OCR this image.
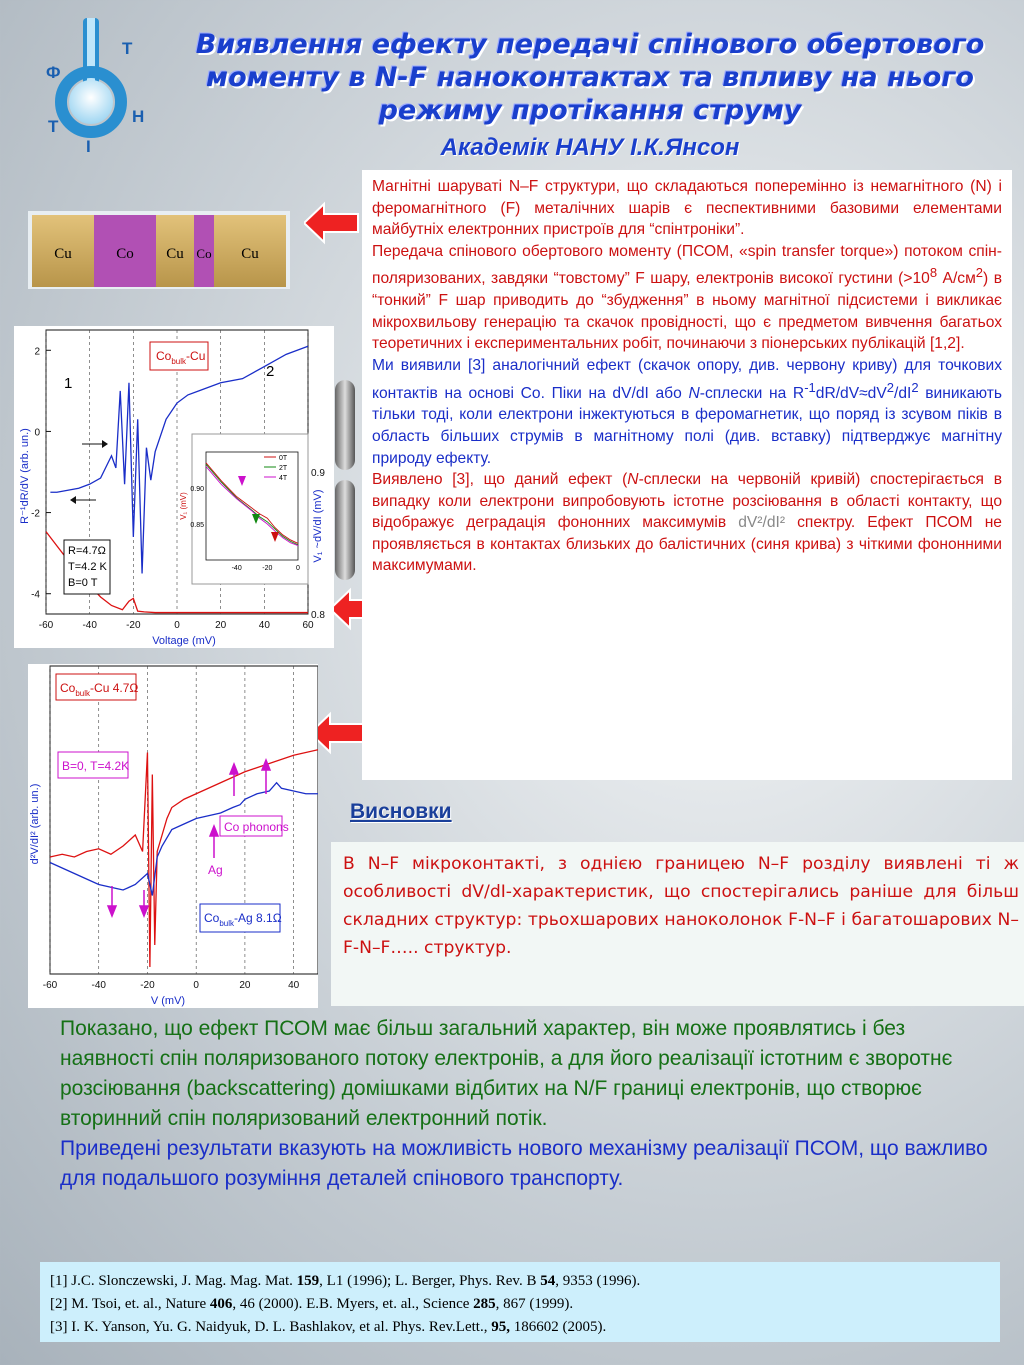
Ф
Т
І
Н
Т
Виявлення ефекту передачі спінового обертового
моменту в N-F наноконтактах та впливу на нього
режиму протікання струму
Академік НАНУ І.К.Янсон
Cu	Co Cu Co Cu
-60	-40	-20	0	20	40	60
2
0
-2
-4
0.9
0.8
Voltage (mV)
R⁻¹dR/dV (arb. un.)
V₁ ~dV/dI (mV)
$Co_{bulk}-Cu$
1
2
R=4.7Ω
T=4.2 K
B=0 T
-40	-20	0
0.90
0.85
V₁ (mV)
0T
2T
4T
-60	-40	-20	0	20	40
V (mV)
d²V/dI² (arb. un.)
$Co_{bulk}-Cu$ 4.7Ω
B=0, T=4.2K
$Co_{bulk}-Ag$ 8.1Ω
Co phonons
Ag

Магнітні шаруваті N–F структури, що складаються поперемінно із немагнітного (N) і феромагнітного (F) металічних шарів є песпективними базовими елементами майбутніх електронних пристроїв для “спінтроніки”.

Передача спінового обертового моменту (ПСОМ, «spin transfer torque») потоком спін-поляризованих, завдяки “товстому” F шару, електронів високої густини ($>10^8$ $А/см^2$) в “тонкий” F шар приводить до “збудження” в ньому магнітної підсистеми і викликає мікрохвильову генерацію та скачок провідності, що є предметом вивчення багатьох теоретичних і експериментальних робіт, починаючи з піонерських публікацій [1,2].

Ми виявили [3] аналогічний ефект (скачок опору, див. червону криву) для точкових контактів на основі Co. Піки на dV/dI або N-сплески на $R^{-1}dR/dV\approx dV^2/dI^2$ виникають тільки тоді, коли електрони інжектуються в феромагнетик, що поряд із зсувом піків в область більших струмів в магнітному полі (див. вставку) підтверджує магнітну природу ефекту.

Виявлено [3], що даний ефект (N-сплески на червоній кривій) спостерігається в випадку коли електрони випробовують істотне розсіювання в області контакту, що відображує деградація фононних максимумів dV²/dI² спектру. Ефект ПСОМ не проявляється в контактах близьких до балістичних (синя крива) з чіткими фононними максимумами.

Висновки
В N–F мікроконтакті, з однією границею N–F розділу виявлені ті ж особливості dV/dI-характеристик, що спостерігались раніше для більш складних структур: трьохшарових наноколонок F-N–F і багатошарових N–F-N–F….. структур.

Показано, що ефект ПСОМ має більш загальний характер, він може проявлятись і без наявності спін поляризованого потоку електронів, а для його реалізації істотним є зворотнє розсіювання (backscattering) домішками відбитих на N/F границі електронів, що створює вторинний спін поляризований електронний потік.

Приведені результати вказують на можливість нового механізму реалізації ПСОМ, що важливо для подальшого розуміння деталей спінового транспорту.

[1] J.C. Slonczewski, J. Mag. Mag. Mat. 159, L1 (1996); L. Berger, Phys. Rev. B 54, 9353 (1996).
[2] M. Tsoi, et. al., Nature 406, 46 (2000). E.B. Myers, et. al., Science 285, 867 (1999).
[3] I. K. Yanson, Yu. G. Naidyuk, D. L. Bashlakov, et al. Phys. Rev.Lett., 95, 186602 (2005).
